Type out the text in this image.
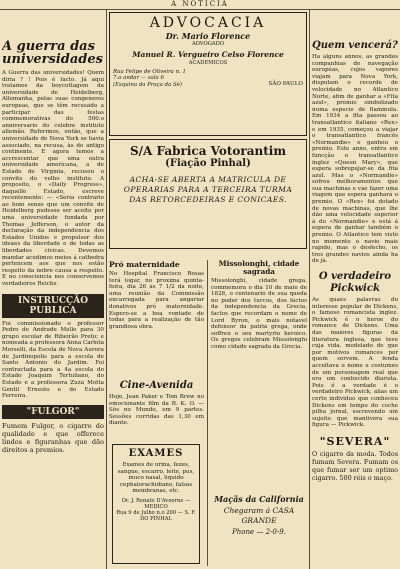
A NOTICIA
A guerra das universidades

A Guerra das universidades! Quem diria ? ! Pois é facto. Já aqui tratamos da boycottagem da universidade de Heidelberg, Allemanha, pelas suas congeneres europeas, que se têm recusado a participar das festas commemorativas do 500.o anniversario do celebre instituto allemão. Referimos, então, que a universidade de Nova York se havia associado, na recusa, às do antigo continente. E agora temos a accrescentar que uma outra universidade americana, a de Estado de Virginia, recusou o convite do velho instituto. A proposito, o «Daily Progress», daquelle Estado, escreve recentemente: — «Seria contrario ao bom senso que um convite de Heidelberg pudesse ser aceito por uma universidade fundada por Thomas Jefferson, o autor da declaração da independencia dos Estados Unidos e propulsor dos ideaes da liberdade e de todas as liberdades civicas. Devemos mandar acudimos meios á cathedra pertencem aos que nos estão respeito da nobre causa a respeito. E no consciencia nos conservemos verdadeiros Reichs.

INSTRUCÇÃO PUBLICA

Foi commissionado o professor Pedro de Andrade Mello para 30 grupo escolar de Ribeirão Preto; e nomeada a professora Anna Carlota Morselli, da Escola de Nova Aurora de Jardinopolis para a escola de Santo Antonio do Jardim. Foi contractada para a 4a escola do Estado Joaquim Tertuliano, do Estado e a professora Zuza Motta Gentil Ernesto e do Estado Ferreira.

"FULGOR"

Fumem Fulgor, o cigarro do qualidade e que offerece lindos e figuranhas que dão direitos a premios.

ADVOCACIA
Dr. Mario Florence
ADVOGADO
Manuel R. Vergueiro Celso Florence
ACADEMICOS
Rua Felipe de Oliveira n. 1
7.o andar — sala 6
(Esquina da Praça da Sé)	SÃO PAULO
S/A Fabrica Votorantim
(Fiação Pinhal)
ACHA-SE ABERTA A MATRICULA DE OPERARIAS PARA A TERCEIRA TURMA DAS RETORCEDEIRAS E CONICAES.
Pró maternidade

No Hospital Francisco Rosas terá logar, no proxima quinta-feira, dia 26 as 7 1/2 da noite, uma reunião da Commissão encarregada para angariar donativos pró maternidade. Espero-se a boa vontade de todas para a realização de tão grandiosa obra.

Missolonghi, cidade sagrada

Missolonghi, cidade grega, commemora o dia 10 de maio de 1826, o centenario de sua queda no poder dos turcos, dos factos da independencia da Grecia, factos que recordam o nome de Lord Byron, o mais notavel defensor da patria grega, onde soffreu o seu martyrio heroico. Os gregos celebram Missolonghi como cidade sagrada da Grecia.

Cine-Avenida

Hoje, Jean Paker e Tom Brew no emocionante film da R. K. O. — Sós no Mundo, em 9 partes. Sessões corridas das 1,30 em diante.

EXAMES

Exames de urina, fezes, sangue, escarro, leite, pus, muco nasal, liquido cephalorachidiano, falsas membranas, etc.

Dr. J. Renato D'Avoerne — MEDICO
Rua 9 de Julho n.o 200 — S. F. DO PINHAL
Maçãs da California
Chegaram á CASA GRANDE
Phone — 2-0-9.
Quem vencerá?

Ha alguns annos, as grandes companhias de navegação européas, cujos vapores viajam para Nova York, disputam o recorde de velocidade no Atlantico Norte, afim de ganhar a «Fita azul», premio simbolizado numa especie de flammula. Em 1934 a fita passou ao transatlantico italiano «Rex» e em 1935, começou a viajar o transatlantico francês «Normandie» e ganhou o premio. Este anno, entra em funcção o transatlantico inglez «Queen Mary», que espera sobrepujar-se da fita azul. Mas o «Normandie» sofreu melhoramentos que sua machinas e vae fazer uma viagem que espera ganhará o premio. O «Rex» foi dotado de novas machinas, que lhe dão uma velocidade superior á do «Normandie» e está á espera de ganhar também o premio. O Atlantico tem visto no momento o navio mais rapido, mas o desfecho, os tres grandes navios ainda ha de jà.

O verdadeiro Pickwick

As quaes palavras do interesse popular de Dickens, o famoso romancista inglez. Pickwick é o heroe do romance de Dickens. Uma das maiores figuras da literatura inglesa, que teve cuja vida, modelado de que por motivos romances por quem servem. A fenda acceitava o nome e costumes de um personagem real que era um conhecido diarista. Pois é a verdade é o verdadeiro Pickwick, alias um certo individuo que conheceu Dickens em tempo do coche pilha jornal, escrevendo um sujeito que mantivera sua figura — Pickwick.

"SEVERA"

O cigarro da moda. Todos fumam Severa. Fumam os que fumar ser um optimo cigarro. 500 réis o maço.
